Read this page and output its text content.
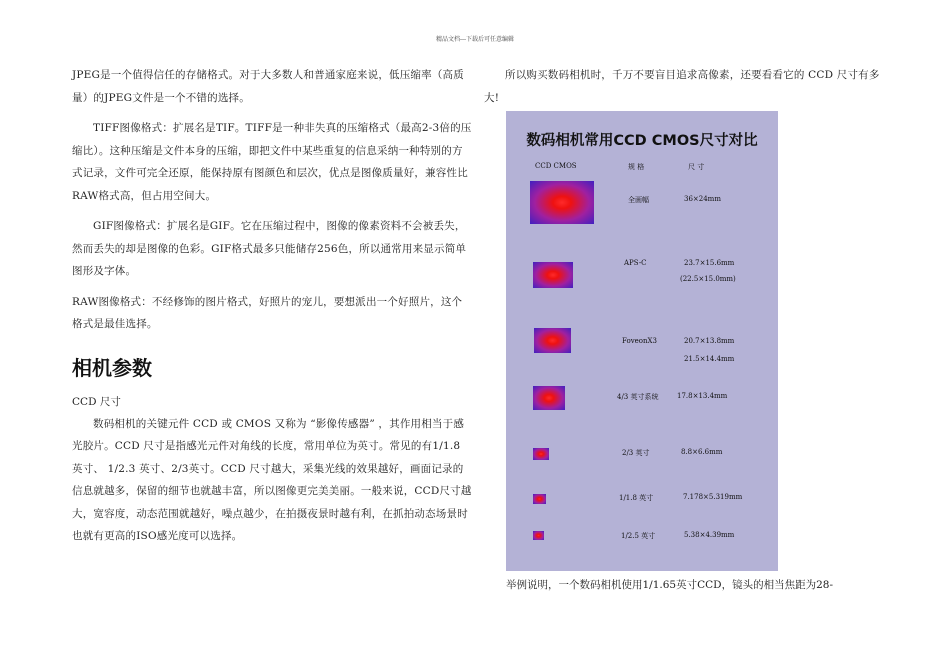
精品文档---下载后可任意编辑

JPEG是一个值得信任的存储格式。对于大多数人和普通家庭来说，低压缩率（高质量）的JPEG文件是一个不错的选择。

TIFF图像格式：扩展名是TIF。TIFF是一种非失真的压缩格式（最高2-3倍的压缩比）。这种压缩是文件本身的压缩，即把文件中某些重复的信息采纳一种特别的方式记录，文件可完全还原，能保持原有图颜色和层次，优点是图像质量好，兼容性比RAW格式高，但占用空间大。

GIF图像格式：扩展名是GIF。它在压缩过程中，图像的像素资料不会被丢失，然而丢失的却是图像的色彩。GIF格式最多只能储存256色，所以通常用来显示简单图形及字体。

RAW图像格式：不经修饰的图片格式，好照片的宠儿，要想派出一个好照片，这个格式是最佳选择。

相机参数
CCD 尺寸

数码相机的关键元件 CCD 或 CMOS 又称为 “影像传感器” ，其作用相当于感光胶片。CCD 尺寸是指感光元件对角线的长度，常用单位为英寸。常见的有1/1.8 英寸、 1/2.3 英寸、2/3英寸。CCD 尺寸越大，采集光线的效果越好，画面记录的信息就越多，保留的细节也就越丰富，所以图像更完美美丽。一般来说，CCD尺寸越大，宽容度，动态范围就越好，噪点越少，在拍摄夜景时越有利，在抓拍动态场景时也就有更高的ISO感光度可以选择。

所以购买数码相机时，千万不要盲目追求高像素，还要看看它的 CCD 尺寸有多大!

数码相机常用CCD CMOS尺寸对比
CCD CMOS	规 格	尺 寸
全画幅	36×24mm
APS-C	23.7×15.6mm
(22.5×15.0mm)
FoveonX3	20.7×13.8mm
21.5×14.4mm
4/3 英寸系统	17.8×13.4mm
2/3 英寸	8.8×6.6mm
1/1.8 英寸	7.178×5.319mm
1/2.5 英寸	5.38×4.39mm
举例说明，一个数码相机使用1/1.65英寸CCD，镜头的相当焦距为28-
